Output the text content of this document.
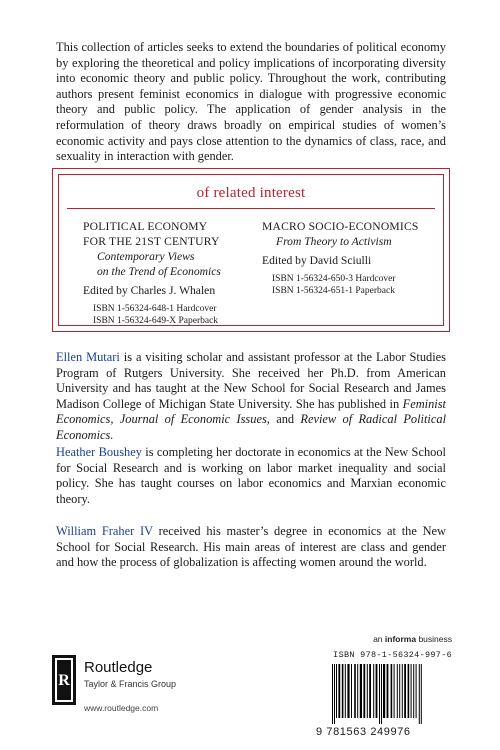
This collection of articles seeks to extend the boundaries of political economy by exploring the theoretical and policy implications of incorporating diversity into economic theory and public policy. Throughout the work, contributing authors present feminist economics in dialogue with progressive economic theory and public policy. The application of gender analysis in the reformulation of theory draws broadly on empirical studies of women’s economic activity and pays close attention to the dynamics of class, race, and sexuality in interaction with gender.

of related interest
POLITICAL ECONOMY
FOR THE 21ST CENTURY
Contemporary Views
on the Trend of Economics
Edited by Charles J. Whalen
ISBN 1-56324-648-1 Hardcover
ISBN 1-56324-649-X Paperback
MACRO SOCIO-ECONOMICS
From Theory to Activism
Edited by David Sciulli
ISBN 1-56324-650-3 Hardcover
ISBN 1-56324-651-1 Paperback

Ellen Mutari is a visiting scholar and assistant professor at the Labor Studies Program of Rutgers University. She received her Ph.D. from American University and has taught at the New School for Social Research and James Madison College of Michigan State University. She has published in Feminist Economics, Journal of Economic Issues, and Review of Radical Political Economics.

Heather Boushey is completing her doctorate in economics at the New School for Social Research and is working on labor market inequality and social policy. She has taught courses on labor economics and Marxian economic theory.

William Fraher IV received his master’s degree in economics at the New School for Social Research. His main areas of interest are class and gender and how the process of globalization is affecting women around the world.

R
Routledge
Taylor & Francis Group
www.routledge.com
an informa business
ISBN 978-1-56324-997-6
9 781563 249976
